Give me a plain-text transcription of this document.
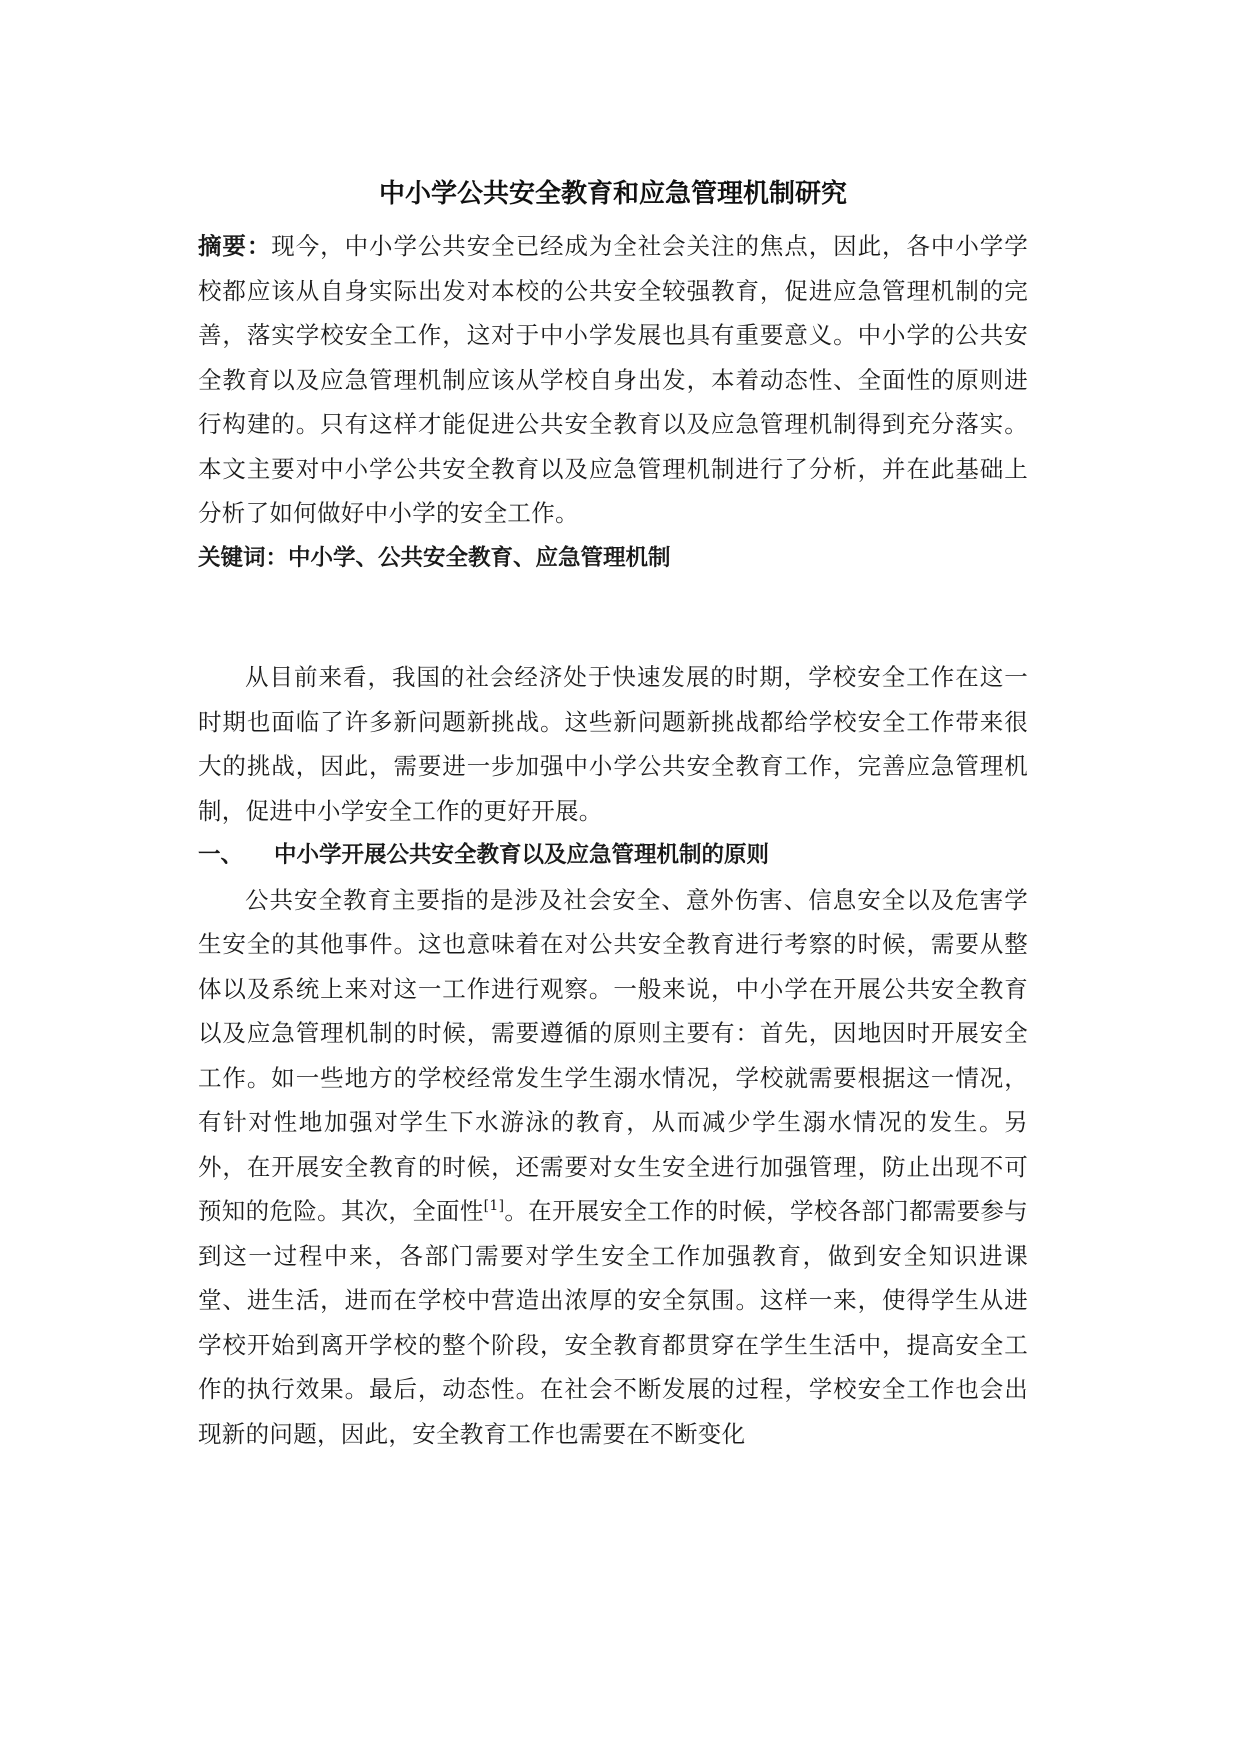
中小学公共安全教育和应急管理机制研究

摘要：现今，中小学公共安全已经成为全社会关注的焦点，因此，各中小学学校都应该从自身实际出发对本校的公共安全较强教育，促进应急管理机制的完善，落实学校安全工作，这对于中小学发展也具有重要意义。中小学的公共安全教育以及应急管理机制应该从学校自身出发，本着动态性、全面性的原则进行构建的。只有这样才能促进公共安全教育以及应急管理机制得到充分落实。本文主要对中小学公共安全教育以及应急管理机制进行了分析，并在此基础上分析了如何做好中小学的安全工作。

关键词：中小学、公共安全教育、应急管理机制

从目前来看，我国的社会经济处于快速发展的时期，学校安全工作在这一时期也面临了许多新问题新挑战。这些新问题新挑战都给学校安全工作带来很大的挑战，因此，需要进一步加强中小学公共安全教育工作，完善应急管理机制，促进中小学安全工作的更好开展。

一、	中小学开展公共安全教育以及应急管理机制的原则

公共安全教育主要指的是涉及社会安全、意外伤害、信息安全以及危害学生安全的其他事件。这也意味着在对公共安全教育进行考察的时候，需要从整体以及系统上来对这一工作进行观察。一般来说，中小学在开展公共安全教育以及应急管理机制的时候，需要遵循的原则主要有：首先，因地因时开展安全工作。如一些地方的学校经常发生学生溺水情况，学校就需要根据这一情况，有针对性地加强对学生下水游泳的教育，从而减少学生溺水情况的发生。另外，在开展安全教育的时候，还需要对女生安全进行加强管理，防止出现不可预知的危险。其次，全面性[1]。在开展安全工作的时候，学校各部门都需要参与到这一过程中来，各部门需要对学生安全工作加强教育，做到安全知识进课堂、进生活，进而在学校中营造出浓厚的安全氛围。这样一来，使得学生从进学校开始到离开学校的整个阶段，安全教育都贯穿在学生生活中，提高安全工作的执行效果。最后，动态性。在社会不断发展的过程，学校安全工作也会出现新的问题，因此，安全教育工作也需要在不断变化
